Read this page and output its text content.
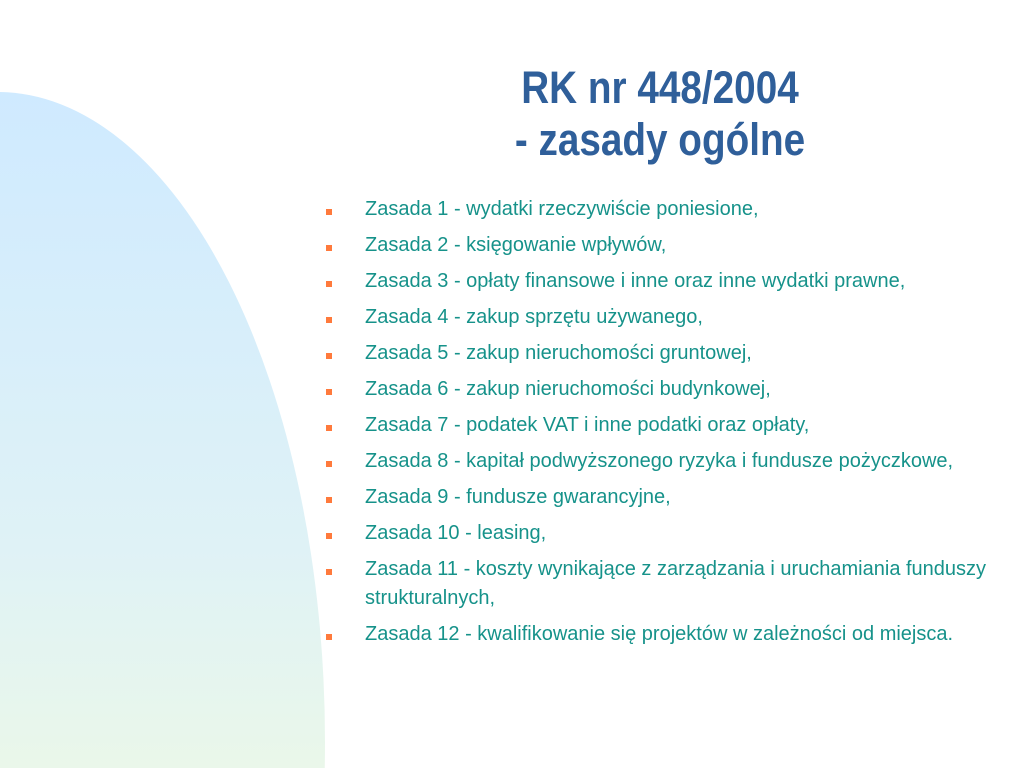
RK nr 448/2004
- zasady ogólne
Zasada 1 - wydatki rzeczywiście poniesione,
Zasada 2 - księgowanie wpływów,
Zasada 3 - opłaty finansowe i inne oraz inne wydatki prawne,
Zasada 4 - zakup sprzętu używanego,
Zasada 5 - zakup nieruchomości gruntowej,
Zasada 6 - zakup nieruchomości budynkowej,
Zasada 7 - podatek VAT i inne podatki oraz opłaty,
Zasada 8 - kapitał podwyższonego ryzyka i fundusze pożyczkowe,
Zasada 9 - fundusze gwarancyjne,
Zasada 10 - leasing,
Zasada 11 - koszty wynikające z zarządzania i uruchamiania funduszy strukturalnych,
Zasada 12 - kwalifikowanie się projektów w zależności od miejsca.
